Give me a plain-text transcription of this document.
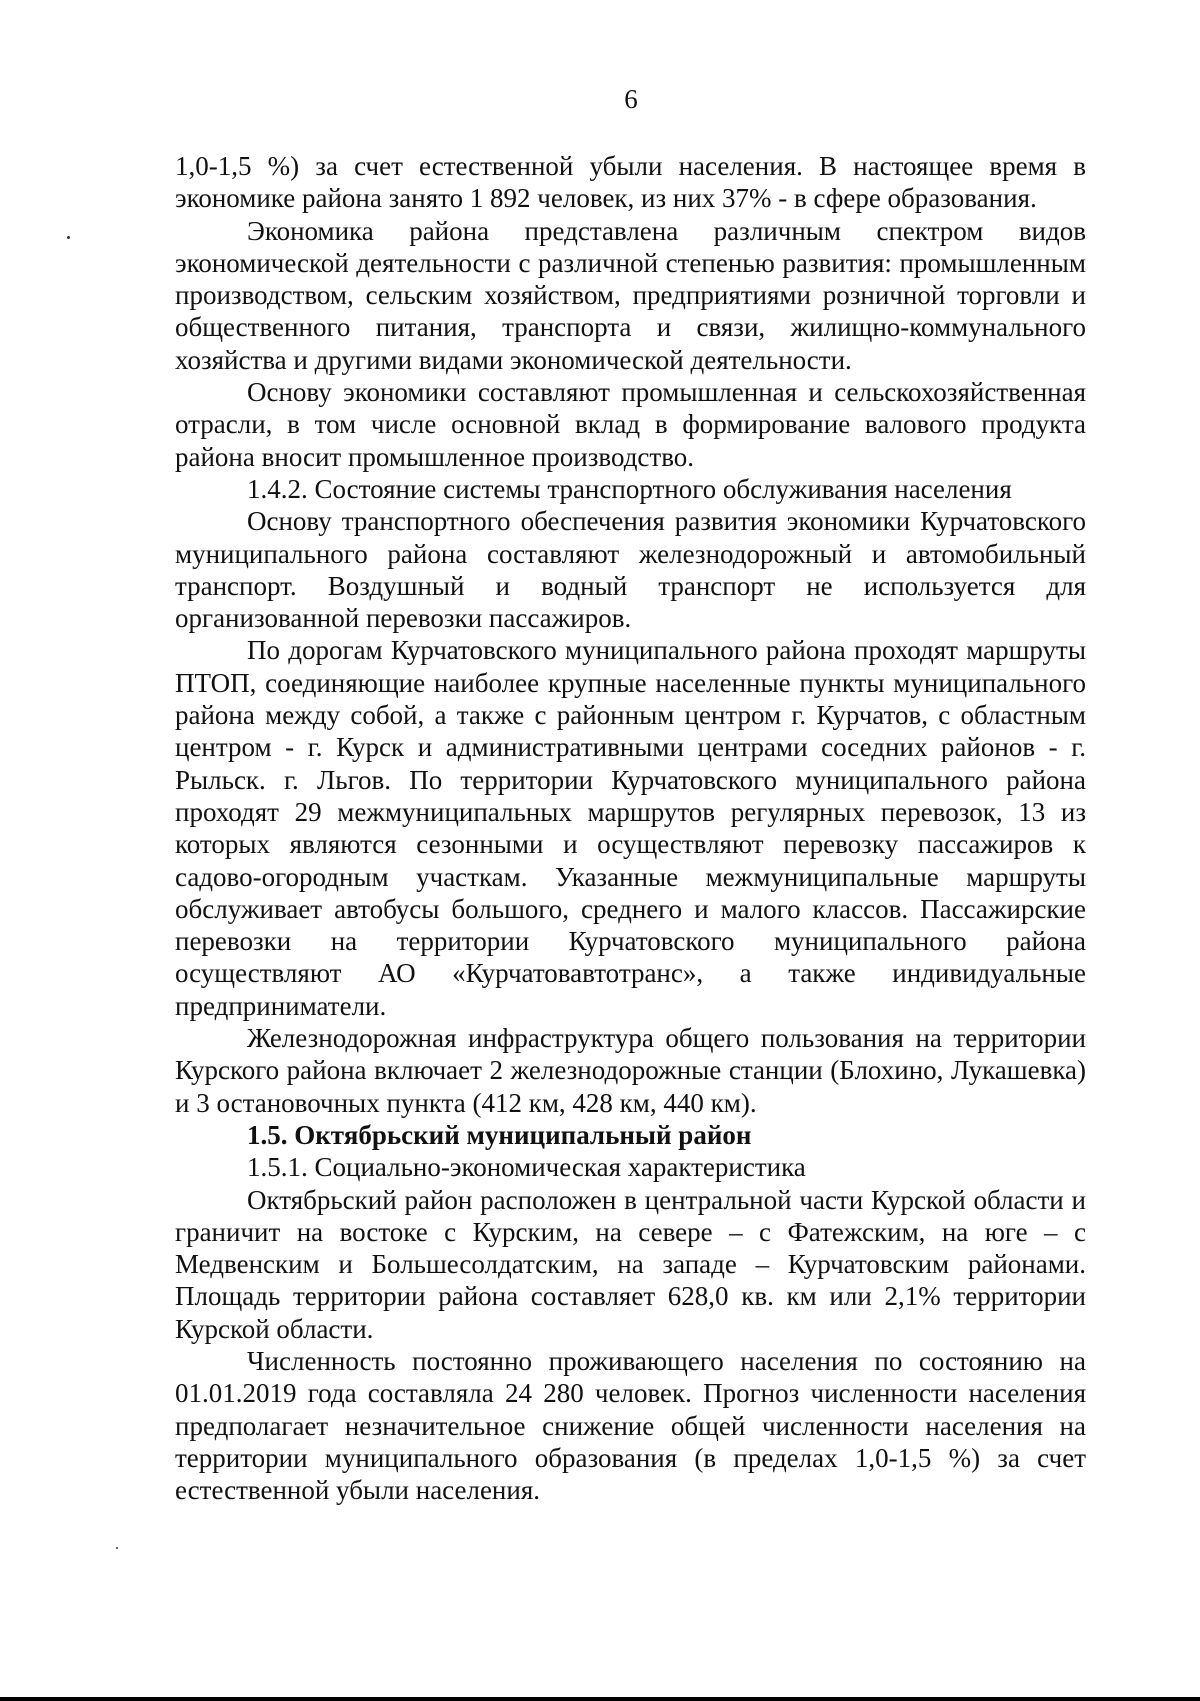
6

1,0-1,5 %) за счет естественной убыли населения. В настоящее время в экономике района занято 1 892 человек, из них 37% - в сфере образования.

Экономика района представлена различным спектром видов экономической деятельности с различной степенью развития: промышленным производством, сельским хозяйством, предприятиями розничной торговли и общественного питания, транспорта и связи, жилищно-коммунального хозяйства и другими видами экономической деятельности.

Основу экономики составляют промышленная и сельскохозяйственная отрасли, в том числе основной вклад в формирование валового продукта района вносит промышленное производство.

1.4.2. Состояние системы транспортного обслуживания населения

Основу транспортного обеспечения развития экономики Курчатовского муниципального района составляют железнодорожный и автомобильный транспорт. Воздушный и водный транспорт не используется для организованной перевозки пассажиров.

По дорогам Курчатовского муниципального района проходят маршруты ПТОП, соединяющие наиболее крупные населенные пункты муниципального района между собой, а также с районным центром г. Курчатов, с областным центром - г. Курск и административными центрами соседних районов - г. Рыльск. г. Льгов. По территории Курчатовского муниципального района проходят 29 межмуниципальных маршрутов регулярных перевозок, 13 из которых являются сезонными и осуществляют перевозку пассажиров к садово-огородным участкам. Указанные межмуниципальные маршруты обслуживает автобусы большого, среднего и малого классов. Пассажирские перевозки на территории Курчатовского муниципального района осуществляют АО «Курчатовавтотранс», а также индивидуальные предприниматели.

Железнодорожная инфраструктура общего пользования на территории Курского района включает 2 железнодорожные станции (Блохино, Лукашевка) и 3 остановочных пункта (412 км, 428 км, 440 км).

1.5. Октябрьский муниципальный район

1.5.1. Социально-экономическая характеристика

Октябрьский район расположен в центральной части Курской области и граничит на востоке с Курским, на севере – с Фатежским, на юге – с Медвенским и Большесолдатским, на западе – Курчатовским районами. Площадь территории района составляет 628,0 кв. км или 2,1% территории Курской области.

Численность постоянно проживающего населения по состоянию на 01.01.2019 года составляла 24 280 человек. Прогноз численности населения предполагает незначительное снижение общей численности населения на территории муниципального образования (в пределах 1,0-1,5 %) за счет естественной убыли населения.
